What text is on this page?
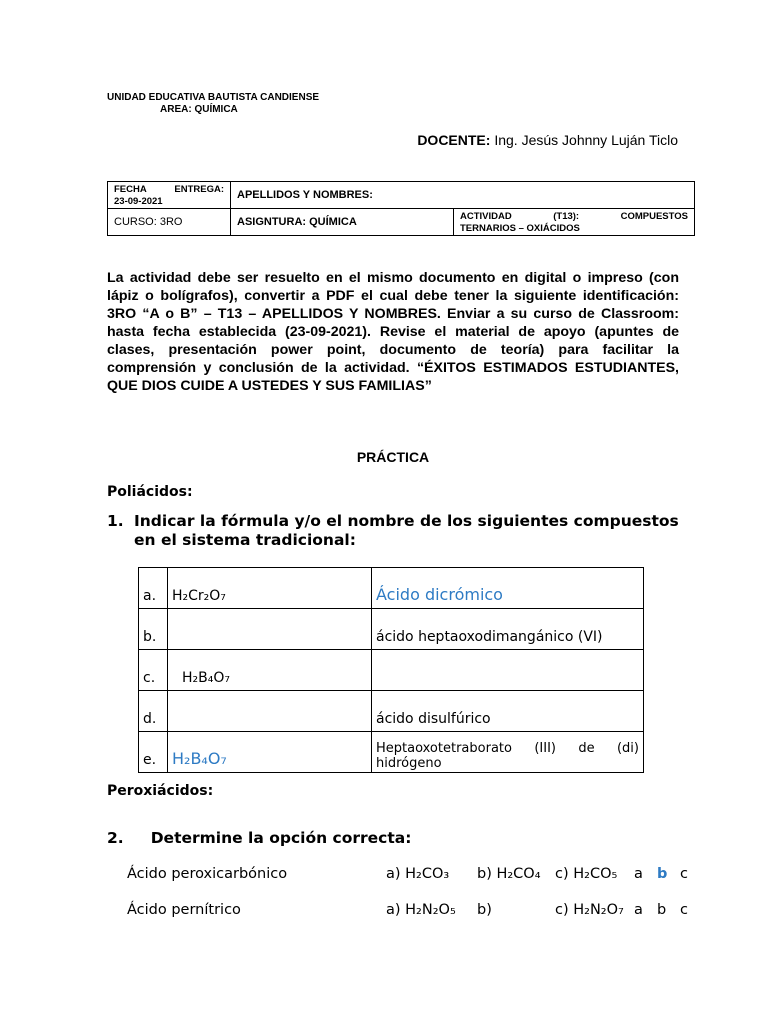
UNIDAD EDUCATIVA BAUTISTA CANDIENSE
AREA: QUÍMICA
DOCENTE: Ing. Jesús Johnny Luján Ticlo
FECHA ENTREGA:
23-09-2021	APELLIDOS Y NOMBRES:	
CURSO: 3RO	ASIGNTURA: QUÍMICA	ACTIVIDAD (T13): COMPUESTOS
TERNARIOS – OXIÁCIDOS
La actividad debe ser resuelto en el mismo documento en digital o impreso (con lápiz o bolígrafos), convertir a PDF el cual debe tener la siguiente identificación: 3RO “A o B” – T13 – APELLIDOS Y NOMBRES. Enviar a su curso de Classroom: hasta fecha establecida (23-09-2021). Revise el material de apoyo (apuntes de clases, presentación power point, documento de teoría) para facilitar la comprensión y conclusión de la actividad. “ÉXITOS ESTIMADOS ESTUDIANTES, QUE DIOS CUIDE A USTEDES Y SUS FAMILIAS”
PRÁCTICA
Poliácidos:
1. Indicar la fórmula y/o el nombre de los siguientes compuestos en el sistema tradicional:
a.	H₂Cr₂O₇	Ácido dicrómico
b.		ácido heptaoxodimangánico (VI)
c.	H₂B₄O₇	
d.		ácido disulfúrico
e.	H₂B₄O₇	Heptaoxotetraborato (III) de (di) hidrógeno
Peroxiácidos:
2. Determine la opción correcta:
Ácido peroxicarbónico	a) H₂CO₃ b) H₂CO₄ c) H₂CO₅ a b c
Ácido pernítrico	a) H₂N₂O₅ b)	c) H₂N₂O₇ a b c
